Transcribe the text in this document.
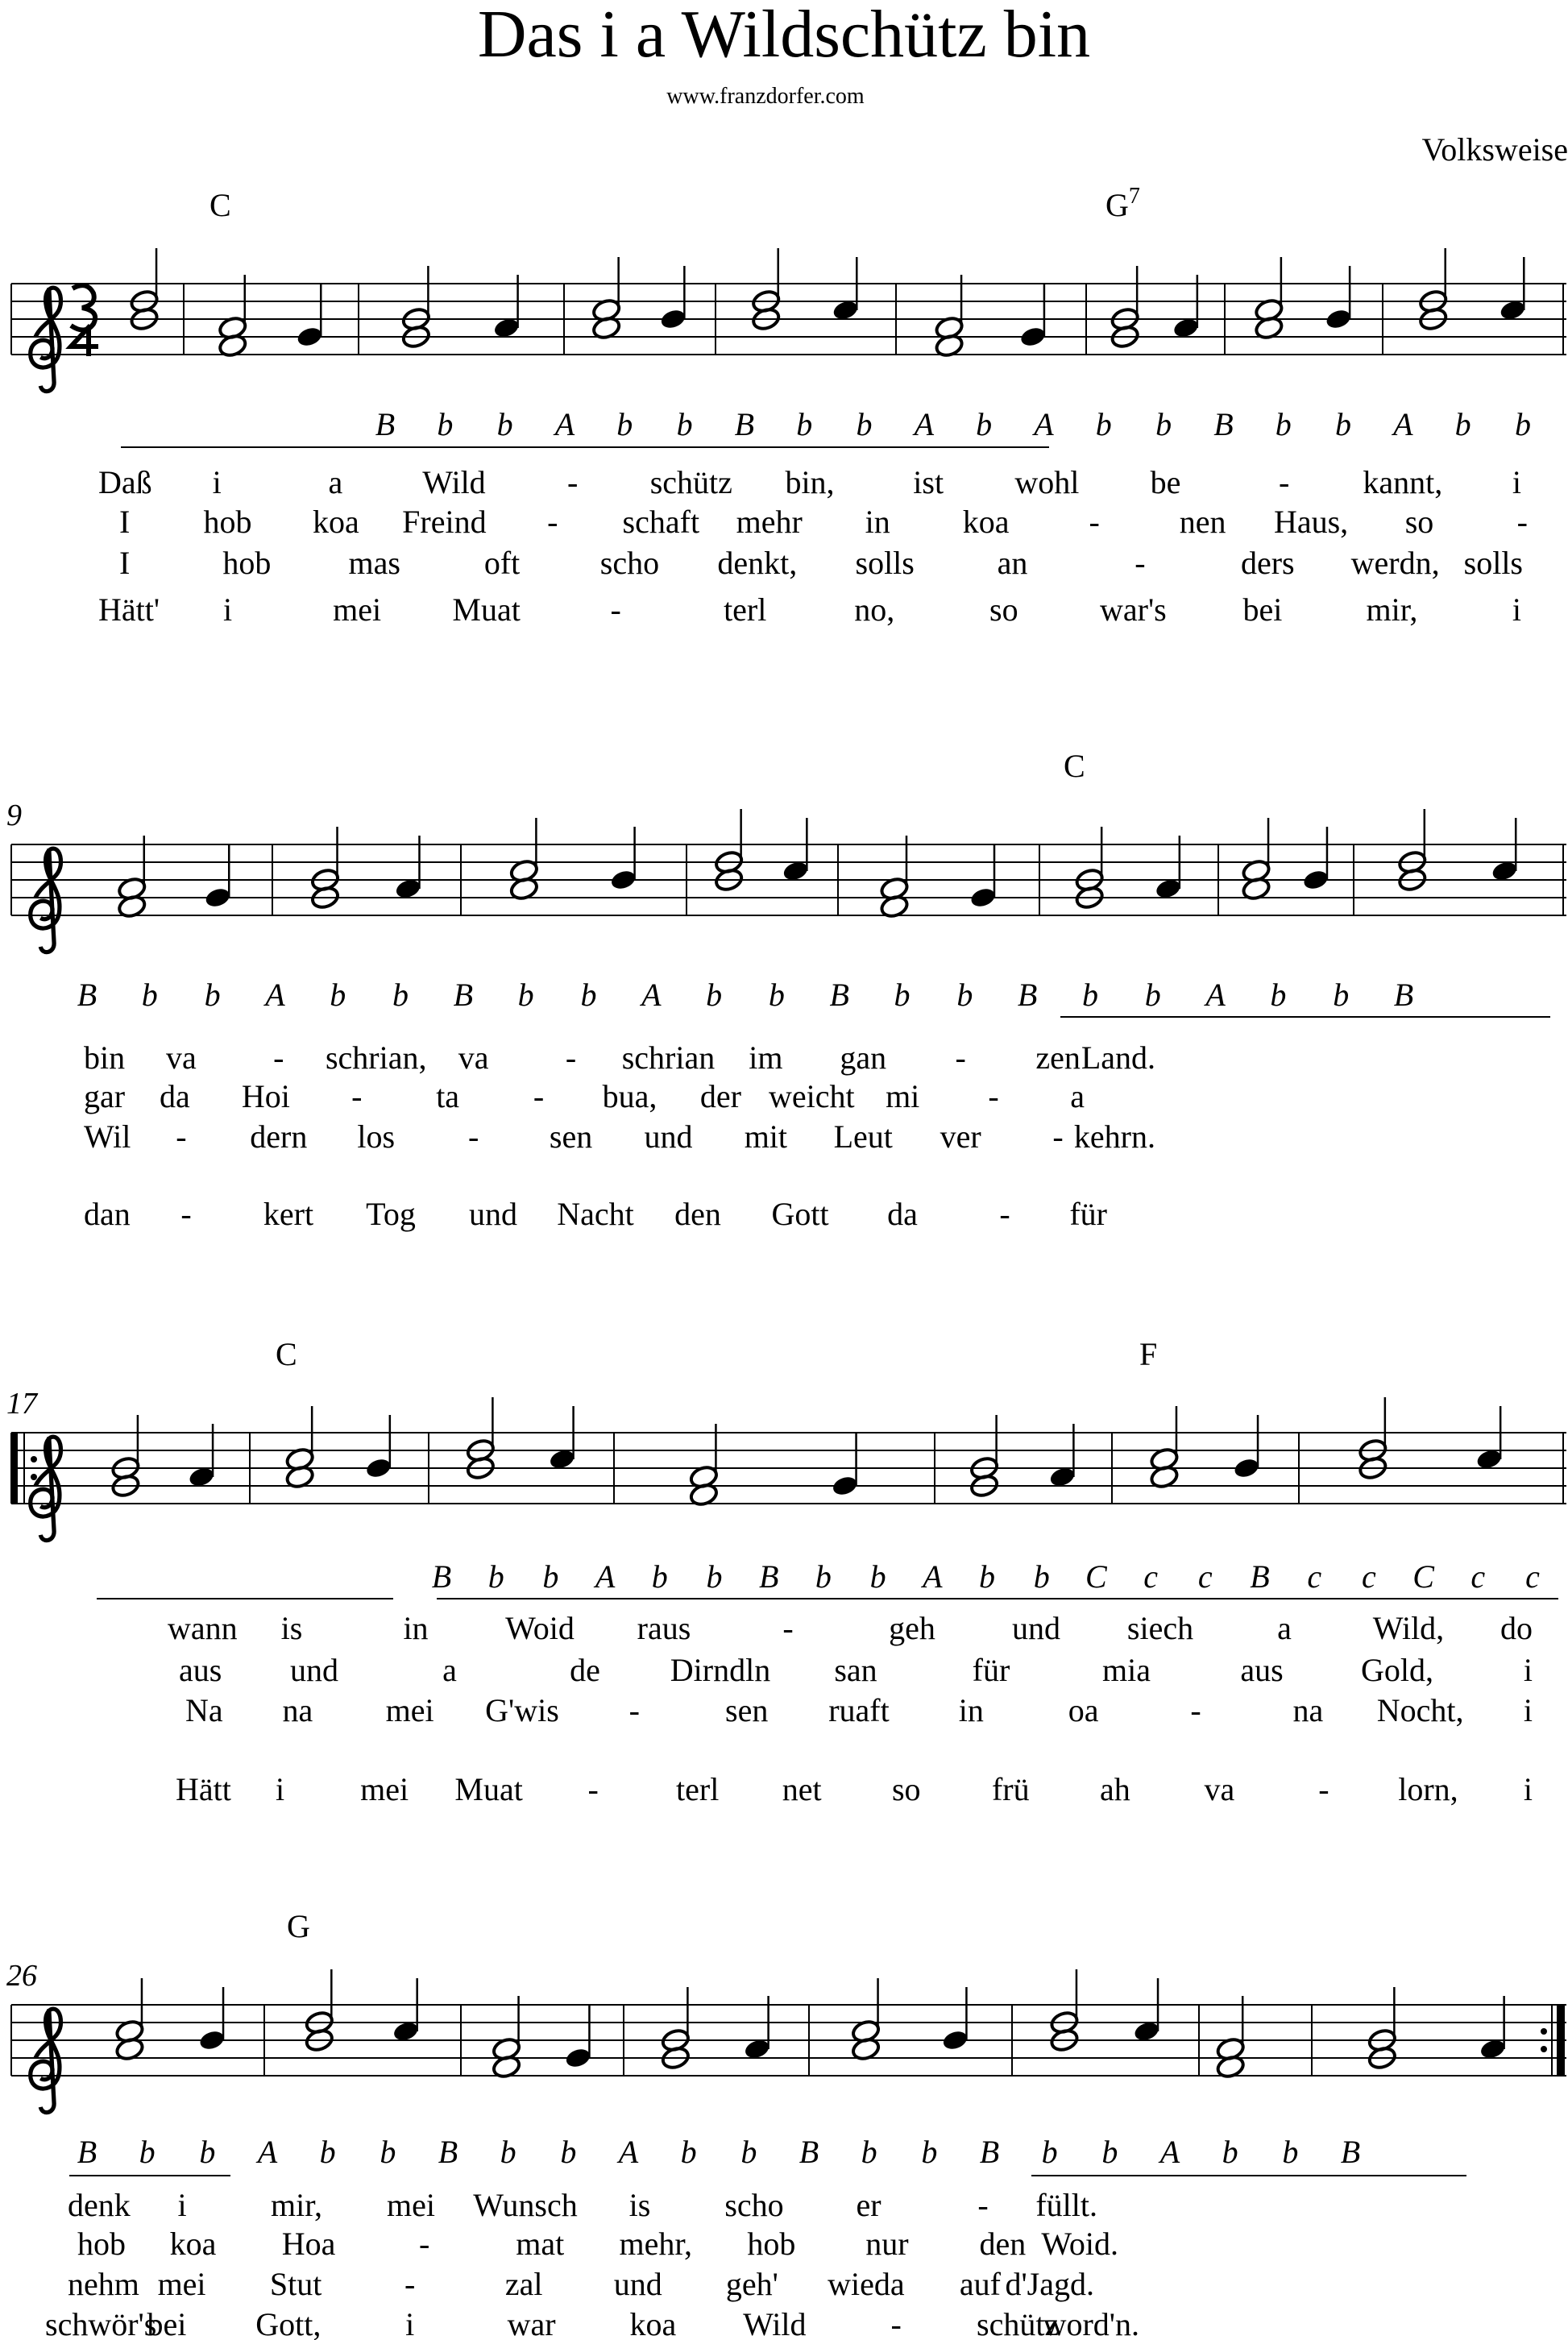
Das i a Wildschütz bin
www.franzdorfer.com
Volksweise
C	$G^7$
B b b A b b B b b A b A b b B b b A b b
Daß i	a Wild	- schütz bin, ist wohl be	- kannt, i
I hob koa Freind - schaft mehr in koa - nen Haus, so	-
I	hob mas	oft scho denkt, solls	an	-	ders werdn, solls
Hätt' i	mei Muat	-	terl	no,	so	war's bei	mir,	i
9
C
B b b A b b B b b A b b B b b B b b A b b B
bin va - schrian, va - schrian im gan - zen Land.
gar da Hoi - ta - bua, der weicht mi - a
Wil - dern los - sen und mit Leut ver - kehrn.
dan - kert Tog und Nacht den Gott da	- für
17
C	F
B b b A b b B b b A b b C c c B c c C c c
wann is	in Woid raus	-	geh und siech	a	Wild, do
aus und	a	de Dirndln san	für	mia	aus Gold,	i
Na na mei G'wis -	sen ruaft in	oa	-	na Nocht, i
Hätt i mei Muat - terl net so frü ah va	- lorn, i
26
G
B b b A b b B b b A b b B b b B b b A b b B
denk i	mir, mei Wunsch is scho er	- füllt.
hob koa Hoa	-	mat mehr, hob nur den Woid.
nehm mei Stut	-	zal und geh' wieda auf d'Jagd.
schwör's
bei Gott,	i	war koa Wild	- schütz
word'n.
